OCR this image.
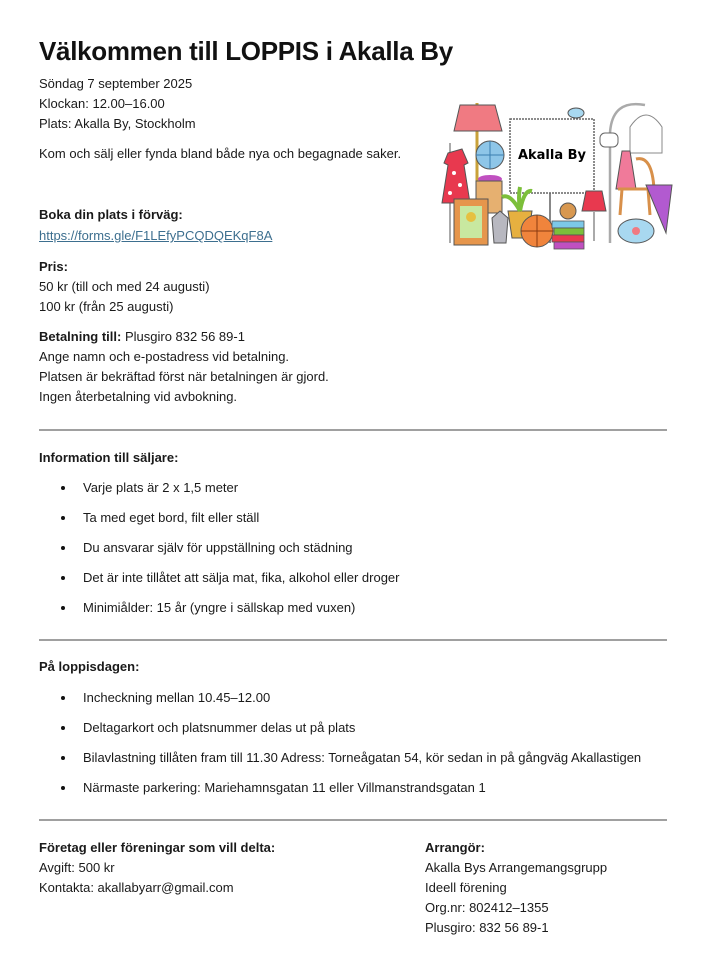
Välkommen till LOPPIS i Akalla By
Söndag 7 september 2025
Klockan: 12.00–16.00
Plats: Akalla By, Stockholm
Kom och sälj eller fynda bland både nya och begagnade saker.	Akalla By
Boka din plats i förväg:
https://forms.gle/F1LEfyPCQDQEKqF8A
Pris:
50 kr (till och med 24 augusti)
100 kr (från 25 augusti)
Betalning till: Plusgiro 832 56 89-1
Ange namn och e-postadress vid betalning.
Platsen är bekräftad först när betalningen är gjord.
Ingen återbetalning vid avbokning.
Information till säljare:
Varje plats är 2 x 1,5 meter
Ta med eget bord, filt eller ställ
Du ansvarar själv för uppställning och städning
Det är inte tillåtet att sälja mat, fika, alkohol eller droger
Minimiålder: 15 år (yngre i sällskap med vuxen)
På loppisdagen:
Incheckning mellan 10.45–12.00
Deltagarkort och platsnummer delas ut på plats
Bilavlastning tillåten fram till 11.30 Adress: Torneågatan 54, kör sedan in på gångväg Akallastigen
Närmaste parkering: Mariehamnsgatan 11 eller Villmanstrandsgatan 1
Företag eller föreningar som vill delta:
Avgift: 500 kr
Kontakta: akallabyarr@gmail.com
Arrangör:
Akalla Bys Arrangemangsgrupp
Ideell förening
Org.nr: 802412–1355
Plusgiro: 832 56 89-1
